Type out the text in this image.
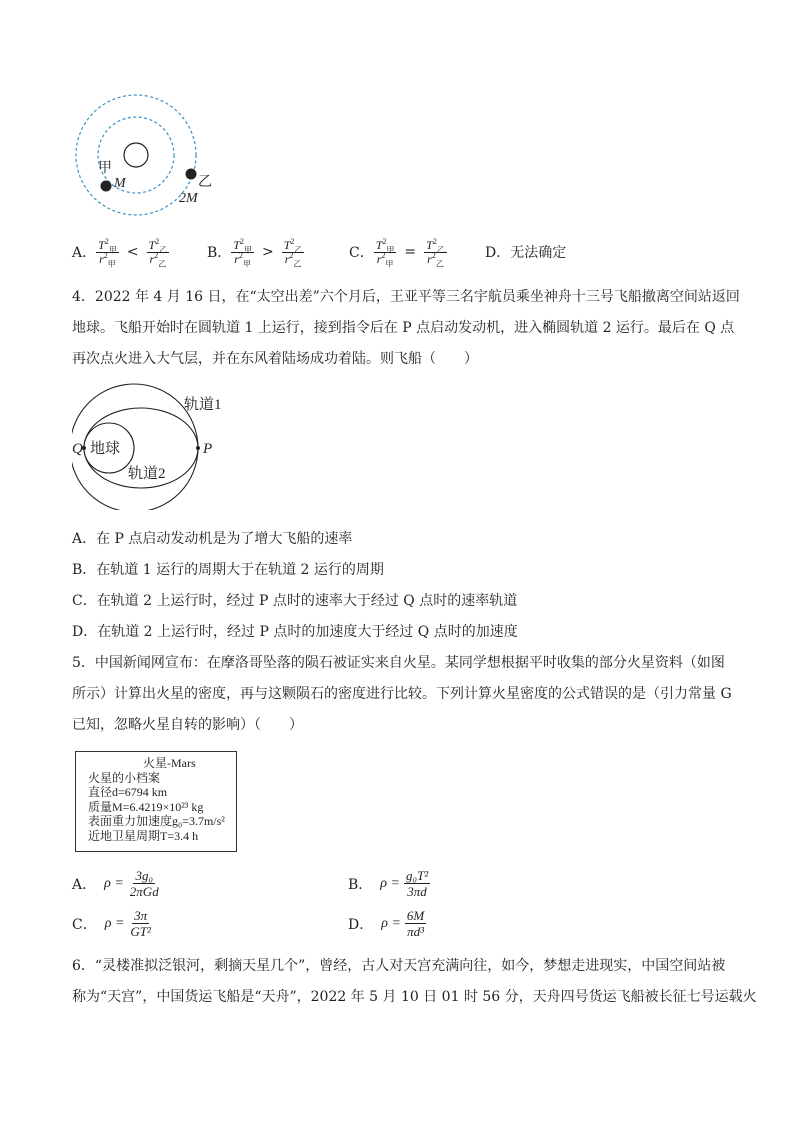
甲
M	乙
2M
A． $\frac{T^2_甲}{r^2_甲} < \frac{T^2_乙}{r^2_乙}$	B． $\frac{T^2_甲}{r^2_甲} > \frac{T^2_乙}{r^2_乙}$	C． $\frac{T^2_甲}{r^2_甲} = \frac{T^2_乙}{r^2_乙}$	D．无法确定
4．2022 年 4 月 16 日，在“太空出差”六个月后，王亚平等三名宇航员乘坐神舟十三号飞船撤离空间站返回
地球。飞船开始时在圆轨道 1 上运行，接到指令后在 P 点启动发动机，进入椭圆轨道 2 运行。最后在 Q 点
再次点火进入大气层，并在东风着陆场成功着陆。则飞船（　　）
轨道1
地球
轨道2
Q	P
A．在 P 点启动发动机是为了增大飞船的速率
B．在轨道 1 运行的周期大于在轨道 2 运行的周期
C．在轨道 2 上运行时，经过 P 点时的速率大于经过 Q 点时的速率轨道
D．在轨道 2 上运行时，经过 P 点时的加速度大于经过 Q 点时的加速度
5．中国新闻网宣布：在摩洛哥坠落的陨石被证实来自火星。某同学想根据平时收集的部分火星资料（如图
所示）计算出火星的密度，再与这颗陨石的密度进行比较。下列计算火星密度的公式错误的是（引力常量 G
已知，忽略火星自转的影响）（　　）
火星-Mars
火星的小档案
直径d=6794 km
质量M=6.4219×10²³ kg
表面重力加速度g₀=3.7m/s²
近地卫星周期T=3.4 h
A． $\rho = \frac{\text{3g₀}}{\text{2πGd}}$	B． $\rho = \frac{\text{g₀T²}}{3\pi d}$
C． $\rho = \frac{3\pi}{\text{GT²}}$	D． $\rho = \frac{6M}{\text{πd³}}$
6．“灵楼准拟泛银河，剩摘天星几个”，曾经，古人对天宫充满向往，如今，梦想走进现实，中国空间站被
称为“天宫”，中国货运飞船是“天舟”，2022 年 5 月 10 日 01 时 56 分，天舟四号货运飞船被长征七号运载火
